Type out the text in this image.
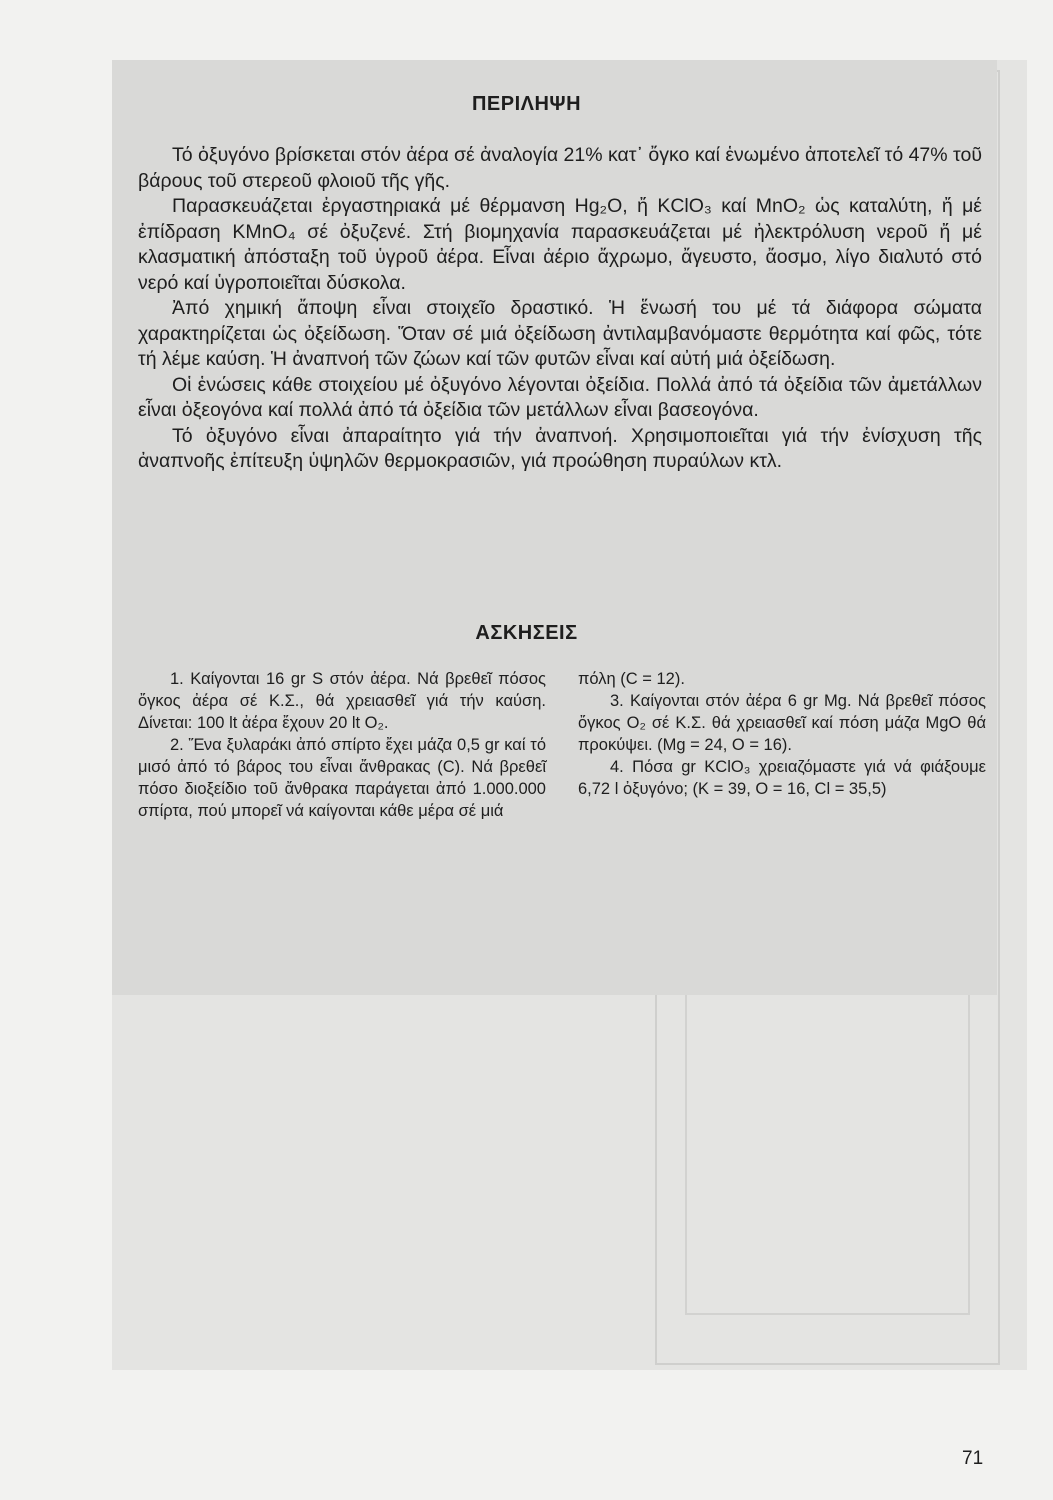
ΠΕΡΙΛΗΨΗ

Τό ὀξυγόνο βρίσκεται στόν ἀέρα σέ ἀναλογία 21% κατ᾽ ὄγκο καί ἑνωμένο ἀποτελεῖ τό 47% τοῦ βάρους τοῦ στερεοῦ φλοιοῦ τῆς γῆς.

Παρασκευάζεται ἐργαστηριακά μέ θέρμανση Hg₂O, ἤ KClO₃ καί MnO₂ ὡς καταλύτη, ἤ μέ ἐπίδραση KMnO₄ σέ ὀξυζενέ. Στή βιομηχανία παρασκευάζεται μέ ἠλεκτρόλυση νεροῦ ἤ μέ κλασματική ἀπόσταξη τοῦ ὑγροῦ ἀέρα. Εἶναι ἀέριο ἄχρωμο, ἄγευστο, ἄοσμο, λίγο διαλυτό στό νερό καί ὑγροποιεῖται δύσκολα.

Ἀπό χημική ἄποψη εἶναι στοιχεῖο δραστικό. Ἡ ἕνωσή του μέ τά διάφορα σώματα χαρακτηρίζεται ὡς ὀξείδωση. Ὅταν σέ μιά ὀξείδωση ἀντιλαμβανόμαστε θερμότητα καί φῶς, τότε τή λέμε καύση. Ἡ ἀναπνοή τῶν ζώων καί τῶν φυτῶν εἶναι καί αὐτή μιά ὀξείδωση.

Οἱ ἑνώσεις κάθε στοιχείου μέ ὀξυγόνο λέγονται ὀξείδια. Πολλά ἀπό τά ὀξείδια τῶν ἀμετάλλων εἶναι ὀξεογόνα καί πολλά ἀπό τά ὀξείδια τῶν μετάλλων εἶναι βασεογόνα.

Τό ὀξυγόνο εἶναι ἀπαραίτητο γιά τήν ἀναπνοή. Χρησιμοποιεῖται γιά τήν ἐνίσχυση τῆς ἀναπνοῆς ἐπίτευξη ὑψηλῶν θερμοκρασιῶν, γιά προώθηση πυραύλων κτλ.

ΑΣΚΗΣΕΙΣ

1. Καίγονται 16 gr S στόν ἀέρα. Νά βρεθεῖ πόσος ὄγκος ἀέρα σέ Κ.Σ., θά χρειασθεῖ γιά τήν καύση. Δίνεται: 100 lt ἀέρα ἔχουν 20 lt O₂.

2. Ἕνα ξυλαράκι ἀπό σπίρτο ἔχει μάζα 0,5 gr καί τό μισό ἀπό τό βάρος του εἶναι ἄνθρακας (C). Νά βρεθεῖ πόσο διοξείδιο τοῦ ἄνθρακα παράγεται ἀπό 1.000.000 σπίρτα, πού μπορεῖ νά καίγονται κάθε μέρα σέ μιά

πόλη (C = 12).

3. Καίγονται στόν ἀέρα 6 gr Mg. Νά βρεθεῖ πόσος ὄγκος O₂ σέ Κ.Σ. θά χρειασθεῖ καί πόση μάζα MgO θά προκύψει. (Mg = 24, O = 16).

4. Πόσα gr KClO₃ χρειαζόμαστε γιά νά φιάξουμε 6,72 l ὀξυγόνο; (K = 39, O = 16, Cl = 35,5)

71
